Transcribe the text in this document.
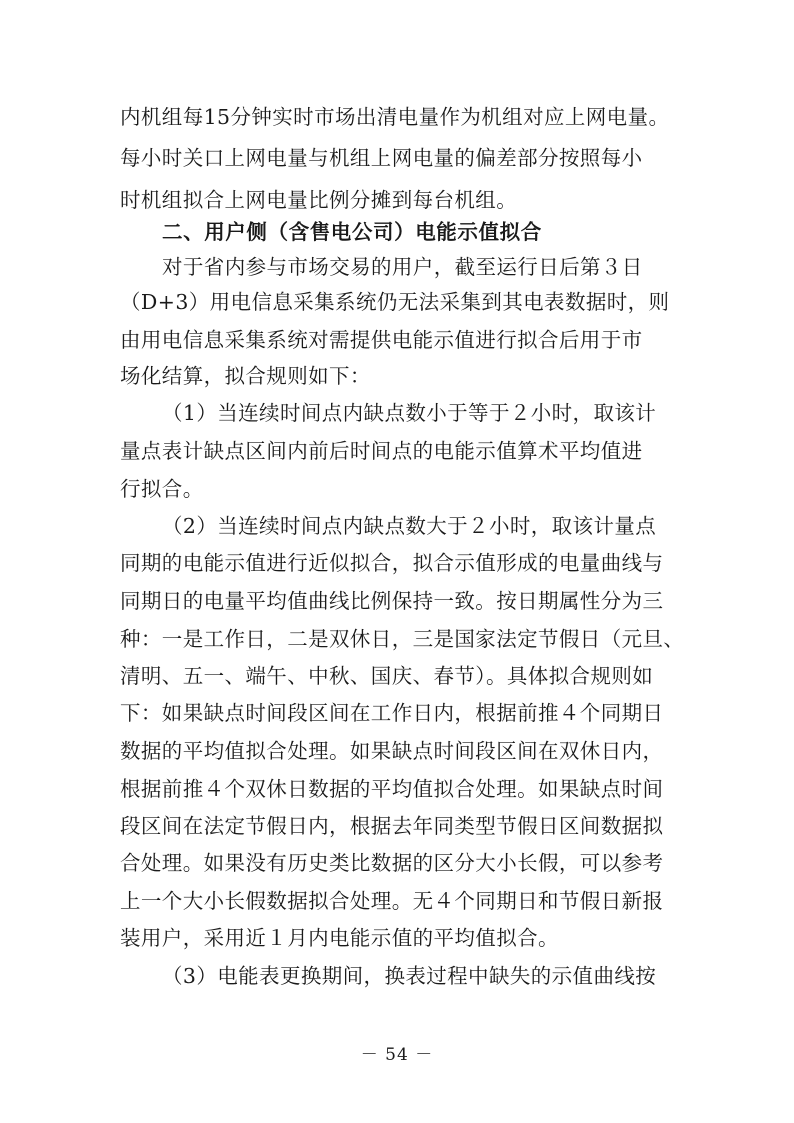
内机组每15分钟实时市场出清电量作为机组对应上网电量。
每小时关口上网电量与机组上网电量的偏差部分按照每小
时机组拟合上网电量比例分摊到每台机组。
二、用户侧（含售电公司）电能示值拟合
对于省内参与市场交易的用户，截至运行日后第３日
（D+3）用电信息采集系统仍无法采集到其电表数据时，则
由用电信息采集系统对需提供电能示值进行拟合后用于市
场化结算，拟合规则如下：
（1）当连续时间点内缺点数小于等于２小时，取该计
量点表计缺点区间内前后时间点的电能示值算术平均值进
行拟合。
（2）当连续时间点内缺点数大于２小时，取该计量点
同期的电能示值进行近似拟合，拟合示值形成的电量曲线与
同期日的电量平均值曲线比例保持一致。按日期属性分为三
种：一是工作日，二是双休日，三是国家法定节假日（元旦、
清明、五一、端午、中秋、国庆、春节）。具体拟合规则如
下：如果缺点时间段区间在工作日内，根据前推４个同期日
数据的平均值拟合处理。如果缺点时间段区间在双休日内，
根据前推４个双休日数据的平均值拟合处理。如果缺点时间
段区间在法定节假日内，根据去年同类型节假日区间数据拟
合处理。如果没有历史类比数据的区分大小长假，可以参考
上一个大小长假数据拟合处理。无４个同期日和节假日新报
装用户，采用近１月内电能示值的平均值拟合。
（3）电能表更换期间，换表过程中缺失的示值曲线按
－ 54 －
